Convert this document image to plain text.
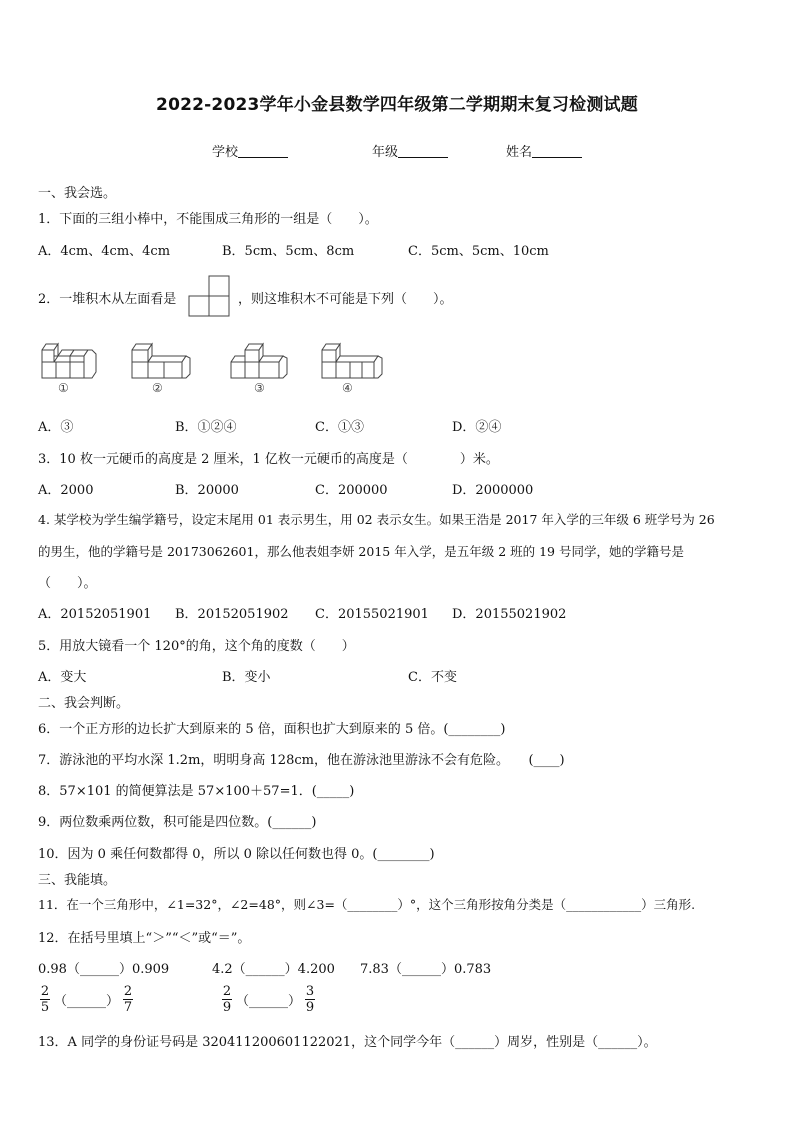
2022-2023学年小金县数学四年级第二学期期末复习检测试题
学校	年级	姓名
一、我会选。
1．下面的三组小棒中，不能围成三角形的一组是（　　）。
A．4cm、4cm、4cm	B．5cm、5cm、8cm	C．5cm、5cm、10cm
2．一堆积木从左面看是	，则这堆积木不可能是下列（　　）。
①	②	③	④
A．③	B．①②④	C．①③	D．②④
3．10 枚一元硬币的高度是 2 厘米，1 亿枚一元硬币的高度是（　　　　）米。
A．2000	B．20000	C．200000	D．2000000
4. 某学校为学生编学籍号，设定末尾用 01 表示男生，用 02 表示女生。如果王浩是 2017 年入学的三年级 6 班学号为 26
的男生，他的学籍号是 20173062601，那么他表姐李妍 2015 年入学，是五年级 2 班的 19 号同学，她的学籍号是
（　　）。
A．20152051901 B．20152051902 C．20155021901 D．20155021902
5．用放大镜看一个 120°的角，这个角的度数（　　）
A．变大	B．变小	C．不变
二、我会判断。
6．一个正方形的边长扩大到原来的 5 倍，面积也扩大到原来的 5 倍。(________)
7．游泳池的平均水深 1.2m，明明身高 128cm，他在游泳池里游泳不会有危险。　　(____)
8．57×101 的简便算法是 57×100＋57=1．(_____)
9．两位数乘两位数，积可能是四位数。(______)
10．因为 0 乘任何数都得 0，所以 0 除以任何数也得 0。(________)
三、我能填。
11．在一个三角形中，∠1=32°，∠2=48°，则∠3=（________）°，这个三角形按角分类是（____________）三角形.
12．在括号里填上“＞”“＜”或“＝”。
0.98（______）0.909	4.2（______）4.200 7.83（______）0.783
$\frac{2}{5}$ （______） $\frac{2}{7}$	$\frac{2}{9}$ （______） $\frac{3}{9}$
13．A 同学的身份证号码是 320411200601122021，这个同学今年（______）周岁，性别是（______）。
